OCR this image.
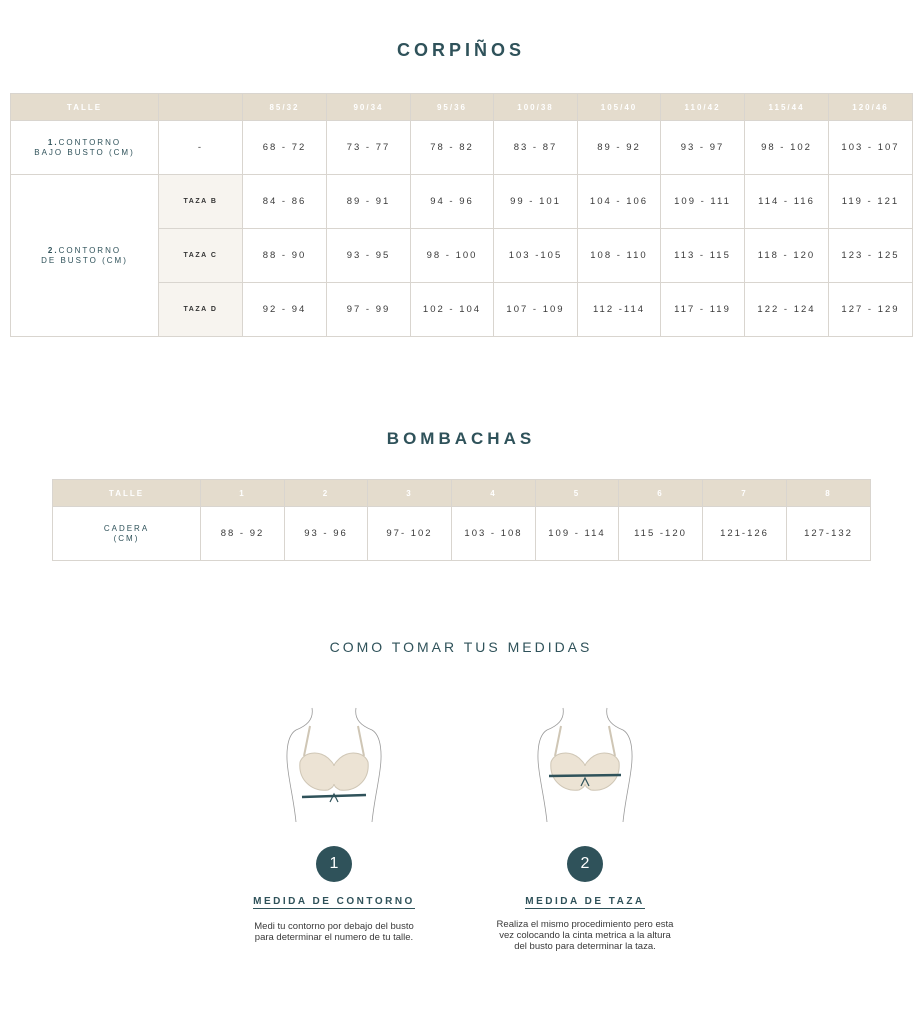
CORPIÑOS
TALLE		85/32	90/34	95/36	100/38	105/40	110/42	115/44	120/46
1.CONTORNO
BAJO BUSTO (CM)	-	68 - 72	73 - 77	78 - 82	83 - 87	89 - 92	93 - 97	98 - 102	103 - 107
2.CONTORNO
DE BUSTO (CM)	TAZA B	84 - 86	89 - 91	94 - 96	99 - 101	104 - 106	109 - 111	114 - 116	119 - 121
	TAZA C	88 - 90	93 - 95	98 - 100	103 -105	108 - 110	113 - 115	118 - 120	123 - 125
	TAZA D	92 - 94	97 - 99	102 - 104	107 - 109	112 -114	117 - 119	122 - 124	127 - 129
BOMBACHAS
TALLE	1	2	3	4	5	6	7	8
CADERA
(CM)	88 - 92	93 - 96	97- 102	103 - 108	109 - 114	115 -120	121-126	127-132
COMO TOMAR TUS MEDIDAS
1
MEDIDA DE CONTORNO
Medi tu contorno por debajo del busto
para determinar el numero de tu talle.
2
MEDIDA DE TAZA
Realiza el mismo procedimiento pero esta
vez colocando la cinta metrica a la altura
del busto para determinar la taza.
